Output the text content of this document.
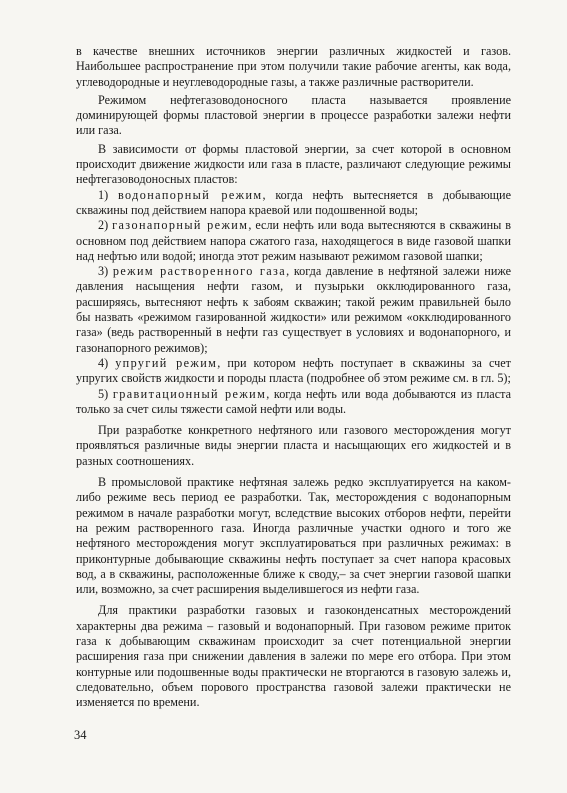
в качестве внешних источников энергии различных жидкостей и газов. Наибольшее распространение при этом получили такие рабочие агенты, как вода, углеводородные и неуглеводородные газы, а также различные растворители.

Режимом нефтегазоводоносного пласта называется проявление доминирующей формы пластовой энергии в процессе разработки залежи нефти или газа.

В зависимости от формы пластовой энергии, за счет которой в основном происходит движение жидкости или газа в пласте, различают следующие режимы нефтегазоводоносных пластов:

1) водонапорный режим, когда нефть вытесняется в добывающие скважины под действием напора краевой или подошвенной воды;

2) газонапорный режим, если нефть или вода вытесняются в скважины в основном под действием напора сжатого газа, находящегося в виде газовой шапки над нефтью или водой; иногда этот режим называют режимом газовой шапки;

3) режим растворенного газа, когда давление в нефтяной залежи ниже давления насыщения нефти газом, и пузырьки окклюдированного газа, расширяясь, вытесняют нефть к забоям скважин; такой режим правильней было бы назвать «режимом газированной жидкости» или режимом «окклюдированного газа» (ведь растворенный в нефти газ существует в условиях и водонапорного, и газонапорного режимов);

4) упругий режим, при котором нефть поступает в скважины за счет упругих свойств жидкости и породы пласта (подробнее об этом режиме см. в гл. 5);

5) гравитационный режим, когда нефть или вода добываются из пласта только за счет силы тяжести самой нефти или воды.

При разработке конкретного нефтяного или газового месторождения могут проявляться различные виды энергии пласта и насыщающих его жидкостей и в разных соотношениях.

В промысловой практике нефтяная залежь редко эксплуатируется на каком-либо режиме весь период ее разработки. Так, месторождения с водонапорным режимом в начале разработки могут, вследствие высоких отборов нефти, перейти на режим растворенного газа. Иногда различные участки одного и того же нефтяного месторождения могут эксплуатироваться при различных режимах: в приконтурные добывающие скважины нефть поступает за счет напора красовых вод, а в скважины, расположенные ближе к своду,– за счет энергии газовой шапки или, возможно, за счет расширения выделившегося из нефти газа.

Для практики разработки газовых и газоконденсатных месторождений характерны два режима – газовый и водонапорный. При газовом режиме приток газа к добывающим скважинам происходит за счет потенциальной энергии расширения газа при снижении давления в залежи по мере его отбора. При этом контурные или подошвенные воды практически не вторгаются в газовую залежь и, следовательно, объем порового пространства газовой залежи практически не изменяется по времени.

34
